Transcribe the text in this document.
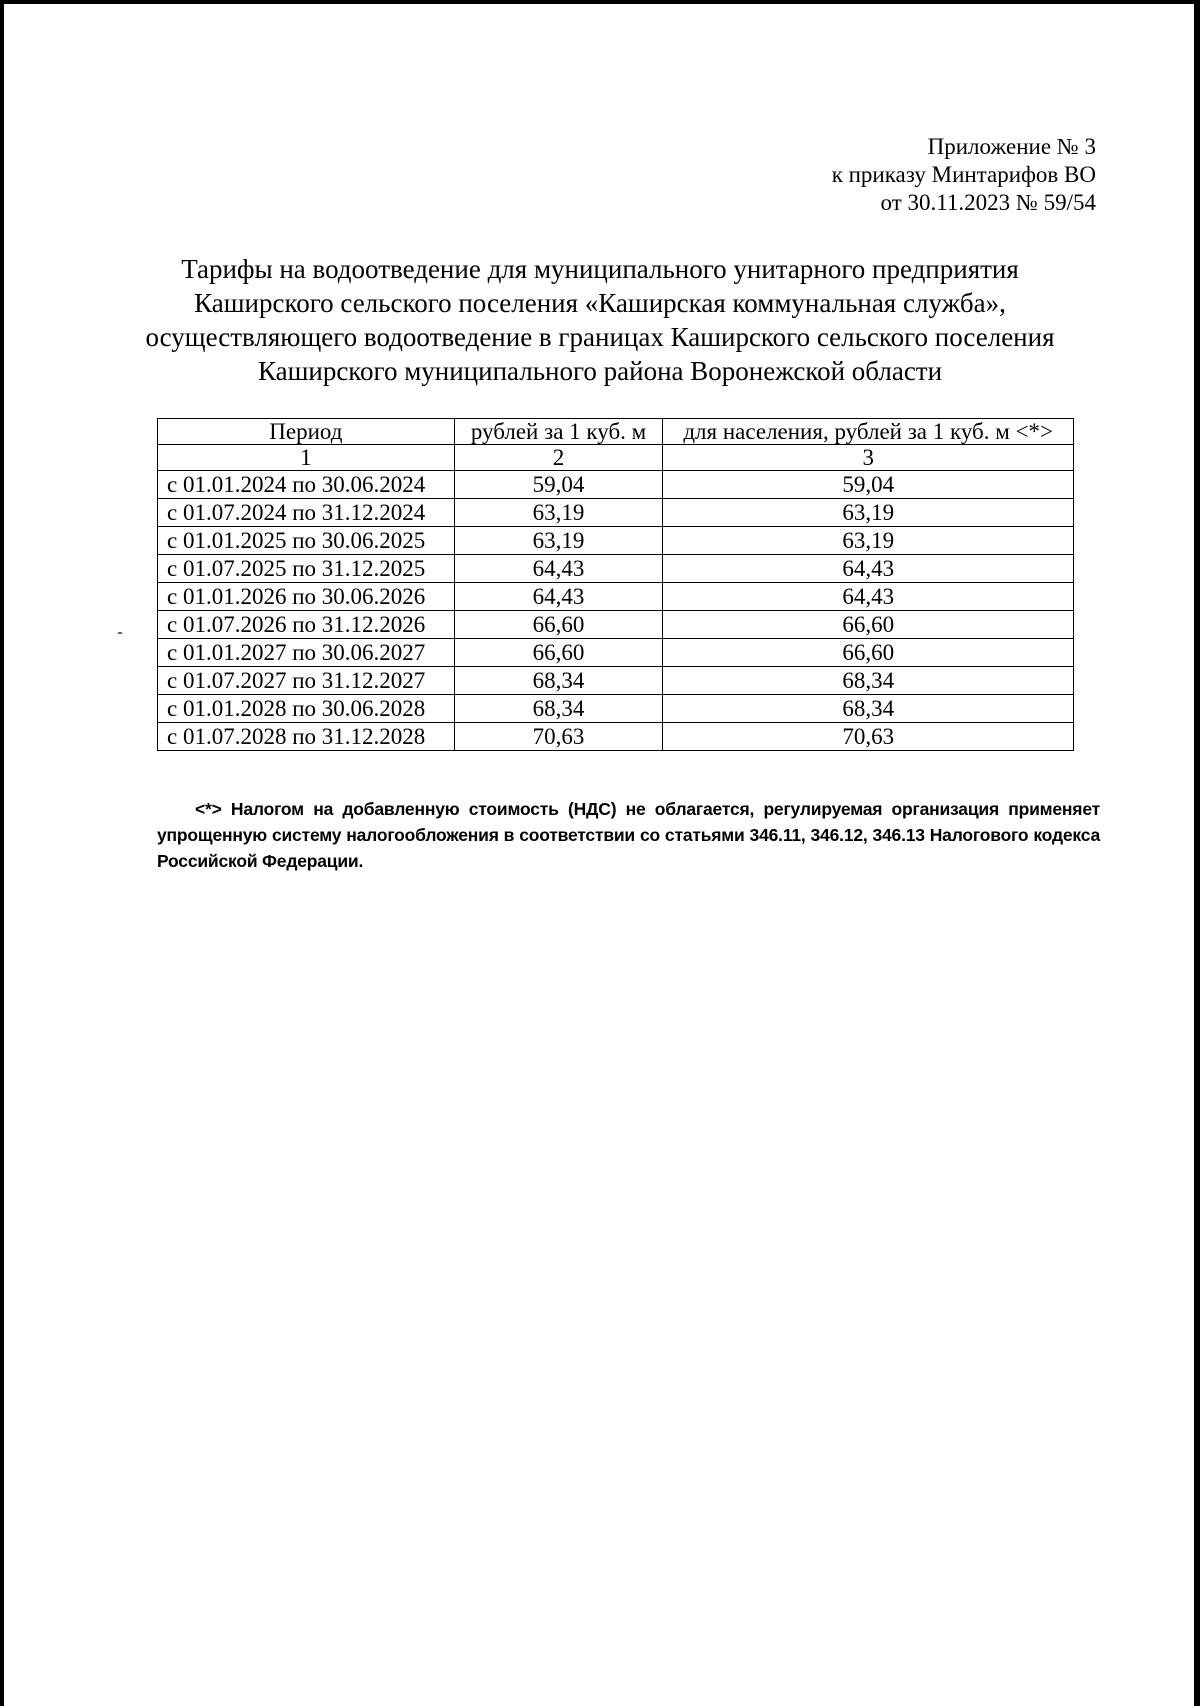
Приложение № 3
к приказу Минтарифов ВО
от 30.11.2023 № 59/54
Тарифы на водоотведение для муниципального унитарного предприятия
Каширского сельского поселения «Каширская коммунальная служба»,
осуществляющего водоотведение в границах Каширского сельского поселения
Каширского муниципального района Воронежской области
Период	рублей за 1 куб. м	для населения, рублей за 1 куб. м <*>
1	2	3
с 01.01.2024 по 30.06.2024	59,04	59,04
с 01.07.2024 по 31.12.2024	63,19	63,19
с 01.01.2025 по 30.06.2025	63,19	63,19
с 01.07.2025 по 31.12.2025	64,43	64,43
с 01.01.2026 по 30.06.2026	64,43	64,43
с 01.07.2026 по 31.12.2026	66,60	66,60
с 01.01.2027 по 30.06.2027	66,60	66,60
с 01.07.2027 по 31.12.2027	68,34	68,34
с 01.01.2028 по 30.06.2028	68,34	68,34
с 01.07.2028 по 31.12.2028	70,63	70,63
<*> Налогом на добавленную стоимость (НДС) не облагается, регулируемая организация применяет
упрощенную систему налогообложения в соответствии со статьями 346.11, 346.12, 346.13 Налогового кодекса Российской Федерации.
